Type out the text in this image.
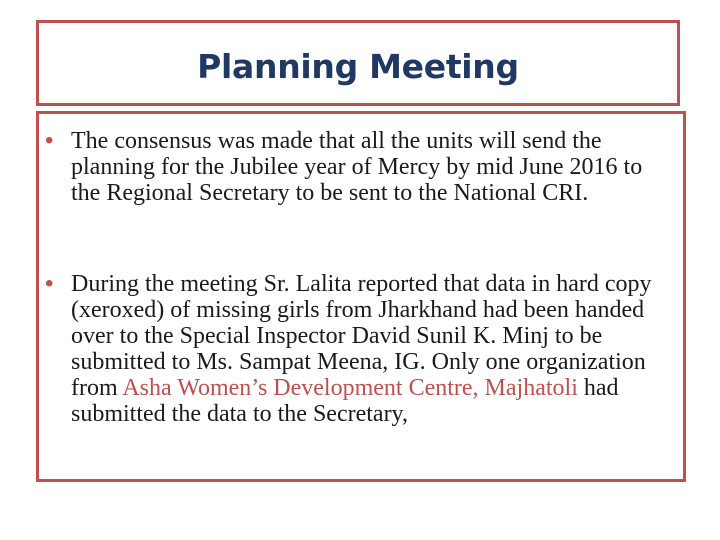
Planning Meeting
• The consensus was made that all the units will send the planning for the Jubilee year of Mercy by mid June 2016 to the Regional Secretary to be sent to the National CRI.
• During the meeting Sr. Lalita reported that data in hard copy (xeroxed) of missing girls from Jharkhand had been handed over to the Special Inspector David Sunil K. Minj to be submitted to Ms. Sampat Meena, IG. Only one organization from Asha Women’s Development Centre, Majhatoli had submitted the data to the Secretary,
